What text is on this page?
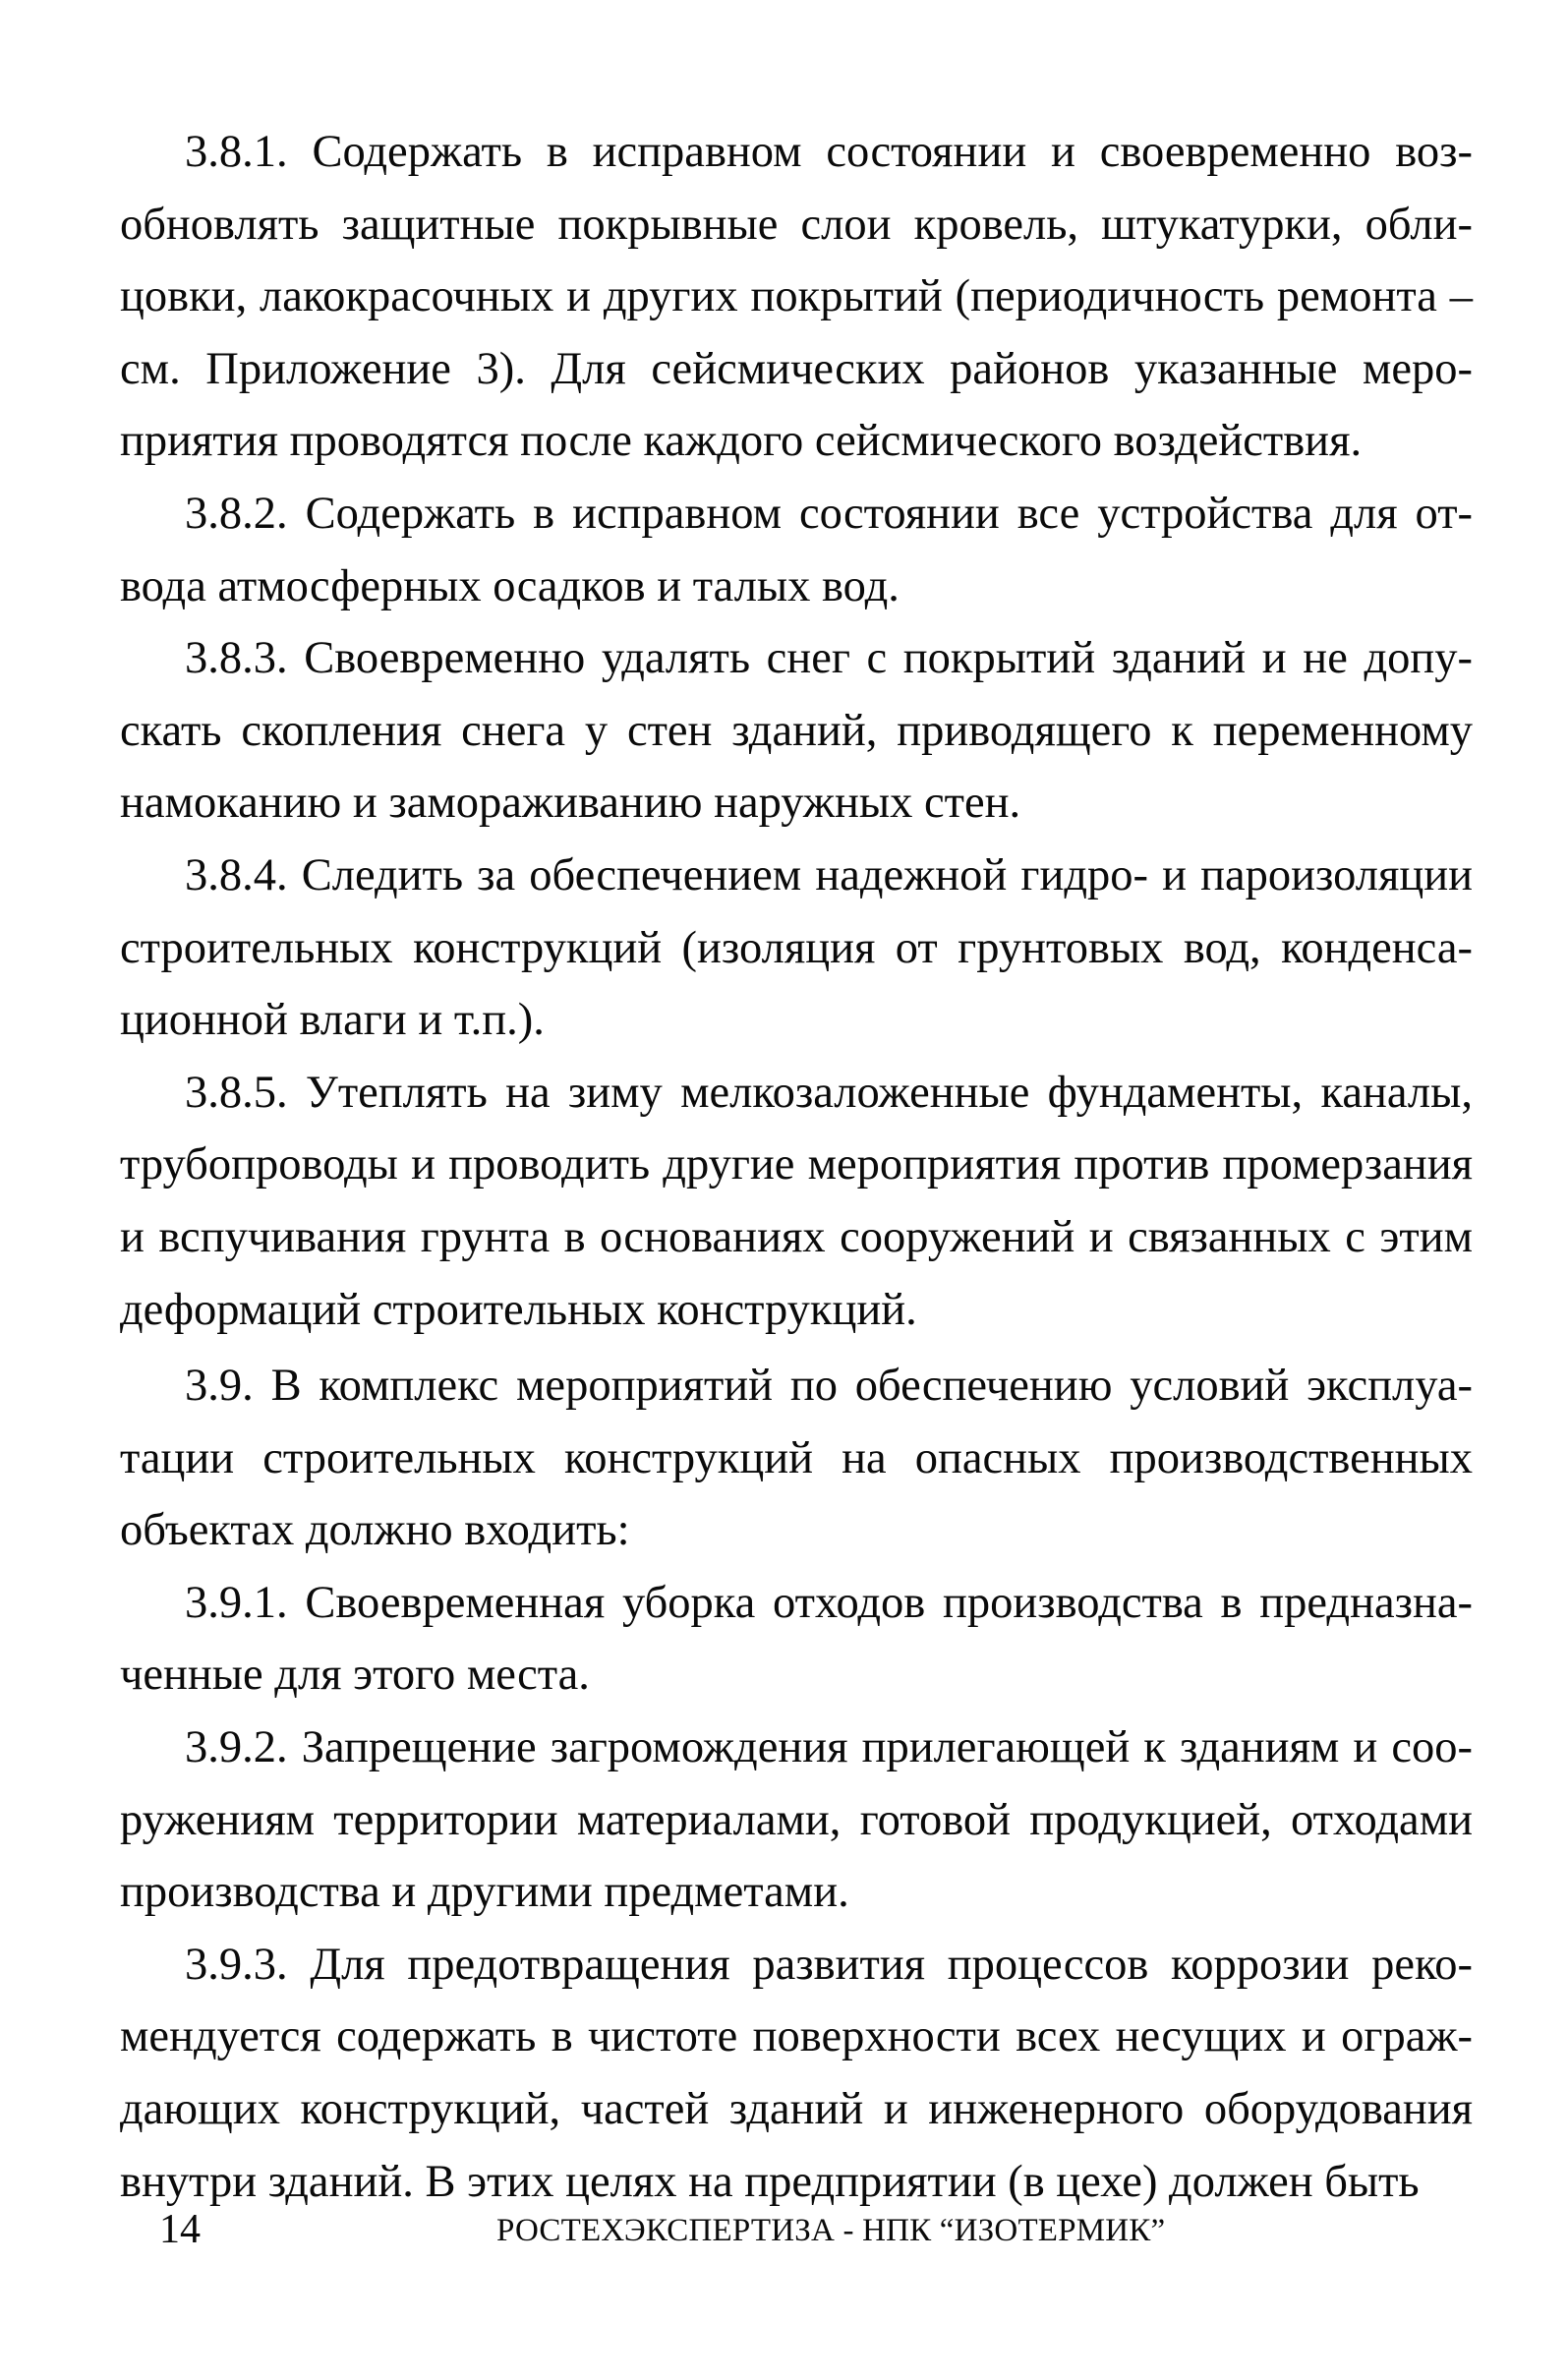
3.8.1. Содержать в исправном состоянии и своевременно возобновлять защитные покрывные слои кровель, штукатурки, облицовки, лакокрасочных и других покрытий (периодичность ремонта – см. Приложение 3). Для сейсмических районов указанные мероприятия проводятся после каждого сейсмического воздействия.

3.8.2. Содержать в исправном состоянии все устройства для отвода атмосферных осадков и талых вод.

3.8.3. Своевременно удалять снег с покрытий зданий и не допускать скопления снега у стен зданий, приводящего к переменному намоканию и замораживанию наружных стен.

3.8.4. Следить за обеспечением надежной гидро- и пароизоляции строительных конструкций (изоляция от грунтовых вод, конденсационной влаги и т.п.).

3.8.5. Утеплять на зиму мелкозаложенные фундаменты, каналы, трубопроводы и проводить другие мероприятия против промерзания и вспучивания грунта в основаниях сооружений и связанных с этим деформаций строительных конструкций.

3.9. В комплекс мероприятий по обеспечению условий эксплуатации строительных конструкций на опасных производственных объектах должно входить:

3.9.1. Своевременная уборка отходов производства в предназначенные для этого места.

3.9.2. Запрещение загромождения прилегающей к зданиям и сооружениям территории материалами, готовой продукцией, отходами производства и другими предметами.

3.9.3. Для предотвращения развития процессов коррозии рекомендуется содержать в чистоте поверхности всех несущих и ограждающих конструкций, частей зданий и инженерного оборудования внутри зданий. В этих целях на предприятии (в цехе) должен быть

14	РОСТЕХЭКСПЕРТИЗА - НПК “ИЗОТЕРМИК”
